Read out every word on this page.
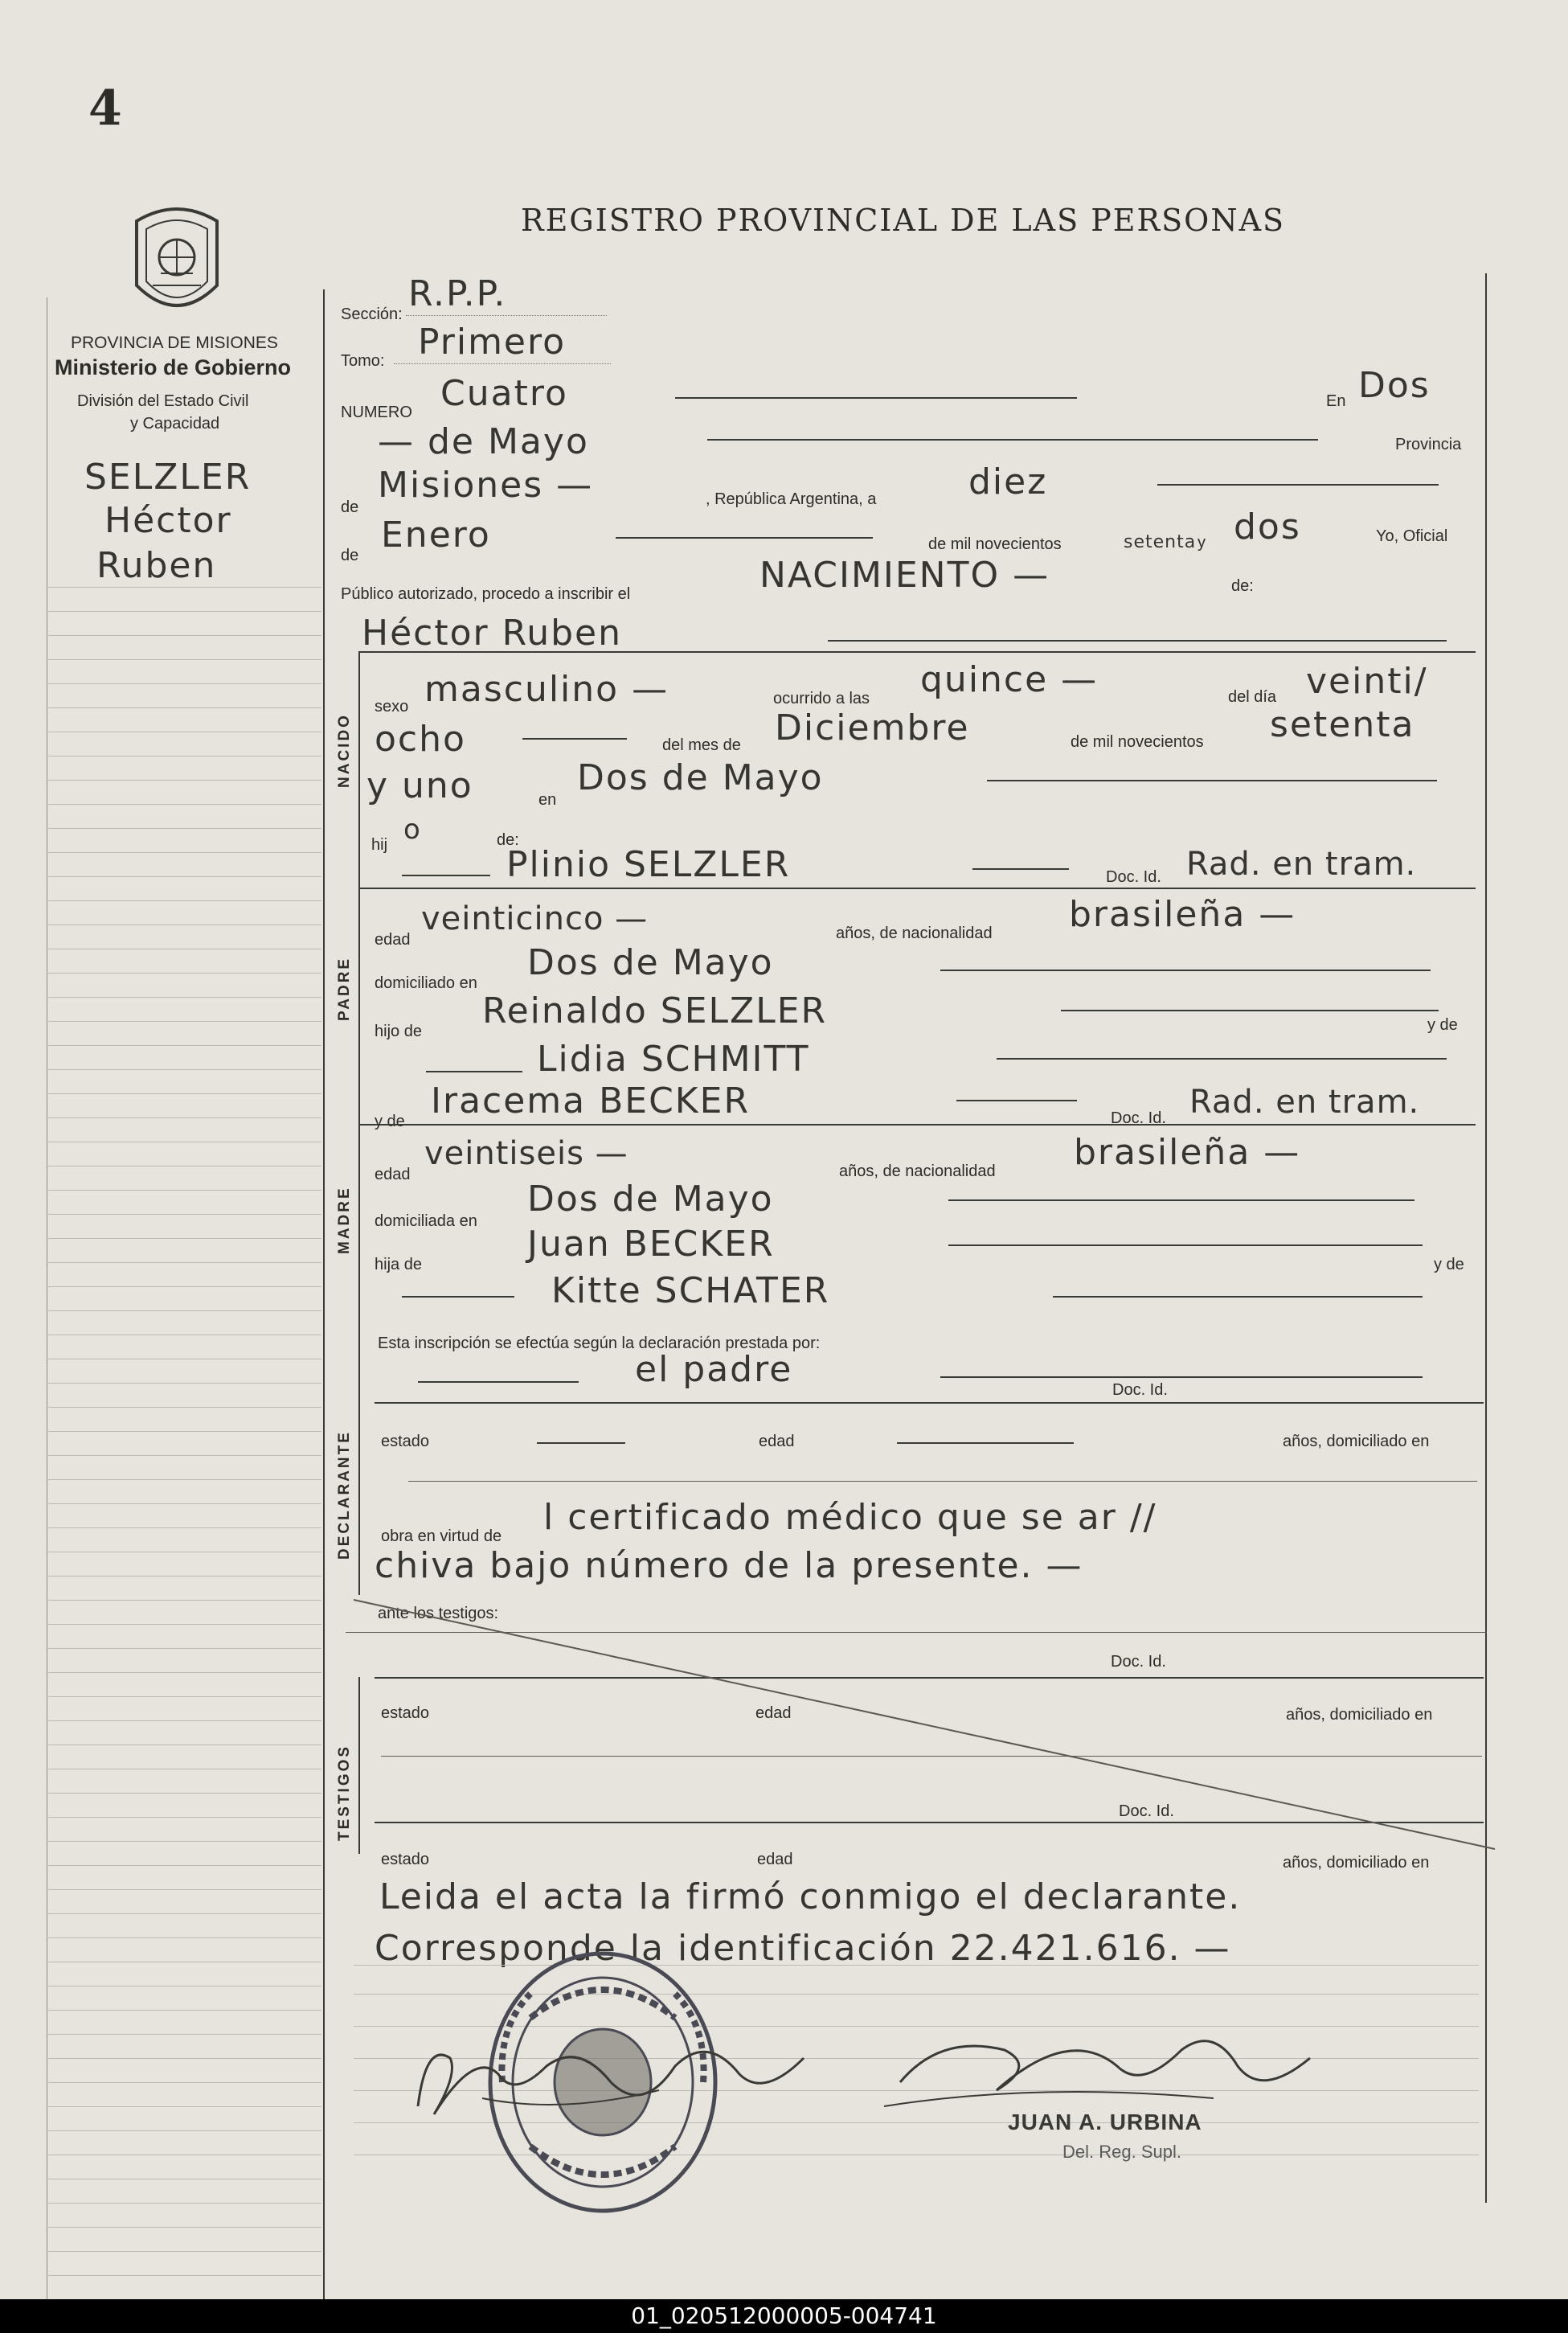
4
PROVINCIA DE MISIONES
Ministerio de Gobierno
División del Estado Civil
y Capacidad
REGISTRO PROVINCIAL DE LAS PERSONAS
SELZLER
Héctor
Ruben
Sección: R.P.P.
Tomo: Primero
NUMERO Cuatro	En Dos
— de Mayo	Provincia
de
Misiones —	, República Argentina, a	diez
de Enero	de mil novecientos	setenta y dos	Yo, Oficial
Público autorizado, procedo a inscribir el	NACIMIENTO —	de:
Héctor Ruben
NACIDO
sexo masculino —	ocurrido a las quince —	del día veinti/
ocho	del mes de Diciembre	de mil novecientos setenta
y uno	en
Dos de Mayo
hij o	de:
Plinio SELZLER	Doc. Id. Rad. en tram.
PADRE
edad
veinticinco —	años, de nacionalidad brasileña —
domiciliado en Dos de Mayo
hijo de Reinaldo SELZLER	y de
Lidia SCHMITT
y de Iracema BECKER	Doc. Id. Rad. en tram.
MADRE
edad
veintiseis —	años, de nacionalidad brasileña —
domiciliada en
Dos de Mayo
hija de	Juan BECKER	y de
Kitte SCHATER
Esta inscripción se efectúa según la declaración prestada por:
el padre	Doc. Id.
DECLARANTE estado	edad	años, domiciliado en
obra en virtud de l certificado médico que se ar //
chiva bajo número de la presente. —
ante los testigos:
Doc. Id.
TESTIGOS
estado	edad	años, domiciliado en
Doc. Id.
estado	edad	años, domiciliado en
Leida el acta la firmó conmigo el declarante.
Corresponde la identificación 22.421.616. —
JUAN A. URBINA
Del. Reg. Supl.
01_020512000005-004741
